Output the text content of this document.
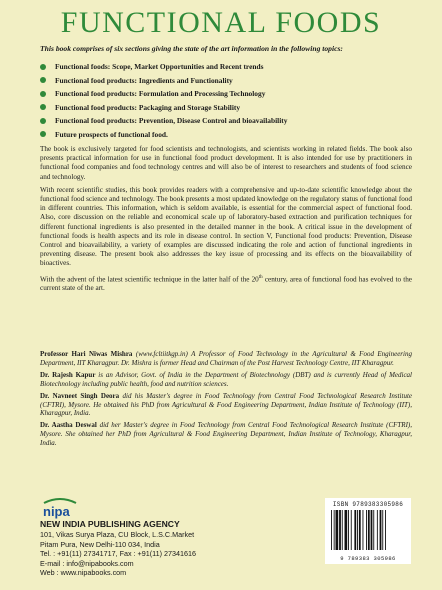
FUNCTIONAL FOODS
This book comprises of six sections giving the state of the art information in the following topics:
Functional foods: Scope, Market Opportunities and Recent trends
Functional food products: Ingredients and Functionality
Functional food products: Formulation and Processing Technology
Functional food products: Packaging and Storage Stability
Functional food products: Prevention, Disease Control and bioavailability
Future prospects of functional food.

The book is exclusively targeted for food scientists and technologists, and scientists working in related fields. The book also presents practical information for use in functional food product development. It is also intended for use by practitioners in functional food companies and food technology centres and will also be of interest to researchers and students of food science and technology.

With recent scientific studies, this book provides readers with a comprehensive and up-to-date scientific knowledge about the functional food science and technology. The book presents a most updated knowledge on the regulatory status of functional food in different countries. This information, which is seldom available, is essential for the commercial aspect of functional food. Also, core discussion on the reliable and economical scale up of laboratory-based extraction and purification techniques for different functional ingredients is also presented in the detailed manner in the book. A critical issue in the development of functional foods is health aspects and its role in disease control. In section V, Functional food products: Prevention, Disease Control and bioavailability, a variety of examples are discussed indicating the role and action of functional ingredients in preventing disease. The present book also addresses the key issue of processing and its effects on the bioavailability of bioactives.

With the advent of the latest scientific technique in the latter half of the 20th century, area of functional food has evolved to the current state of the art.

Professor Hari Niwas Mishra (www.fcltiitkgp.in) A Professor of Food Technology in the Agricultural & Food Engineering Department, IIT Kharagpur. Dr. Mishra is former Head and Chairman of the Post Harvest Technology Centre, IIT Kharagpur.

Dr. Rajesh Kapur is an Advisor, Govt. of India in the Department of Biotechnology (DBT) and is currently Head of Medical Biotechnology including public health, food and nutrition sciences.

Dr. Navneet Singh Deora did his Master's degree in Food Technology from Central Food Technological Research Institute (CFTRI), Mysore. He obtained his PhD from Agricultural & Food Engineering Department, Indian Institute of Technology (IIT), Kharagpur, India.

Dr. Aastha Deswal did her Master's degree in Food Technology from Central Food Technological Research Institute (CFTRI), Mysore. She obtained her PhD from Agricultural & Food Engineering Department, Indian Institute of Technology, Kharagpur, India.

nipa
NEW INDIA PUBLISHING AGENCY
101, Vikas Surya Plaza, CU Block, L.S.C.Market
Pitam Pura, New Delhi-110 034, India
Tel. : +91(11) 27341717, Fax : +91(11) 27341616
E-mail : info@nipabooks.com
Web : www.nipabooks.com
ISBN 9789383305986
9 789383 305986
